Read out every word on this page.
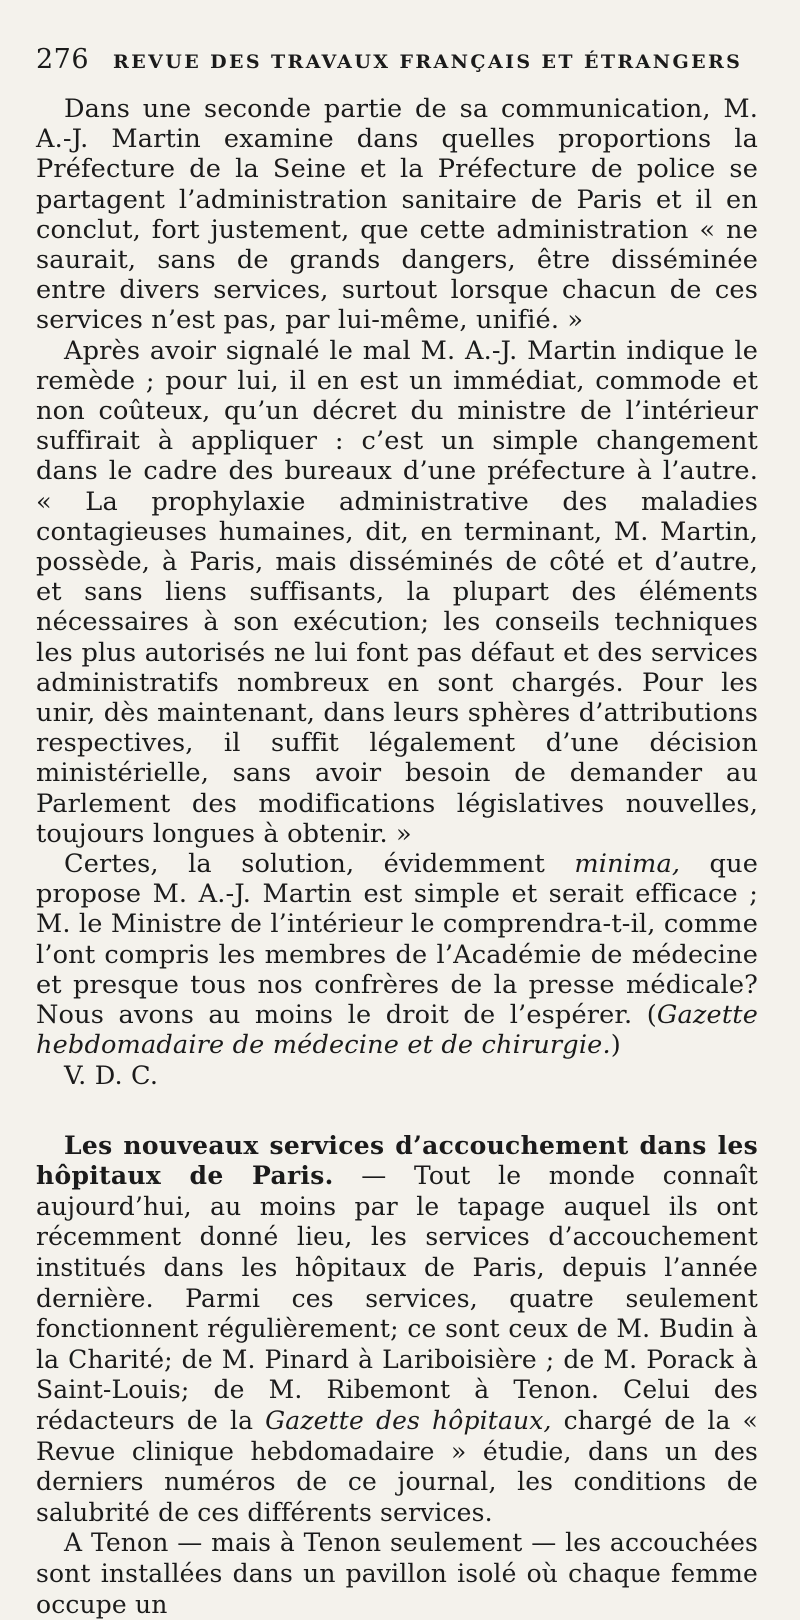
276 REVUE DES TRAVAUX FRANÇAIS ET ÉTRANGERS

Dans une seconde partie de sa communication, M. A.-J. Martin examine dans quelles proportions la Préfecture de la Seine et la Préfecture de police se partagent l’administration sanitaire de Paris et il en conclut, fort justement, que cette administration « ne saurait, sans de grands dangers, être disséminée entre divers services, surtout lorsque chacun de ces services n’est pas, par lui-même, unifié. »

Après avoir signalé le mal M. A.-J. Martin indique le remède ; pour lui, il en est un immédiat, commode et non coûteux, qu’un décret du ministre de l’intérieur suffirait à appliquer : c’est un simple changement dans le cadre des bureaux d’une préfecture à l’autre. « La prophylaxie administrative des maladies contagieuses humaines, dit, en terminant, M. Martin, possède, à Paris, mais disséminés de côté et d’autre, et sans liens suffisants, la plupart des éléments nécessaires à son exécution; les conseils techniques les plus autorisés ne lui font pas défaut et des services administratifs nombreux en sont chargés. Pour les unir, dès maintenant, dans leurs sphères d’attributions respectives, il suffit légalement d’une décision ministérielle, sans avoir besoin de demander au Parlement des modifications législatives nouvelles, toujours longues à obtenir. »

Certes, la solution, évidemment minima, que propose M. A.-J. Martin est simple et serait efficace ; M. le Ministre de l’intérieur le comprendra-t-il, comme l’ont compris les membres de l’Académie de médecine et presque tous nos confrères de la presse médicale? Nous avons au moins le droit de l’espérer. (Gazette hebdomadaire de médecine et de chirurgie.)

V. D. C.

Les nouveaux services d’accouchement dans les hôpitaux de Paris. — Tout le monde connaît aujourd’hui, au moins par le tapage auquel ils ont récemment donné lieu, les services d’accouchement institués dans les hôpitaux de Paris, depuis l’année dernière. Parmi ces services, quatre seulement fonctionnent régulièrement; ce sont ceux de M. Budin à la Charité; de M. Pinard à Lariboisière ; de M. Porack à Saint-Louis; de M. Ribemont à Tenon. Celui des rédacteurs de la Gazette des hôpitaux, chargé de la « Revue clinique hebdomadaire » étudie, dans un des derniers numéros de ce journal, les conditions de salubrité de ces différents services.

A Tenon — mais à Tenon seulement — les accouchées sont installées dans un pavillon isolé où chaque femme occupe un
